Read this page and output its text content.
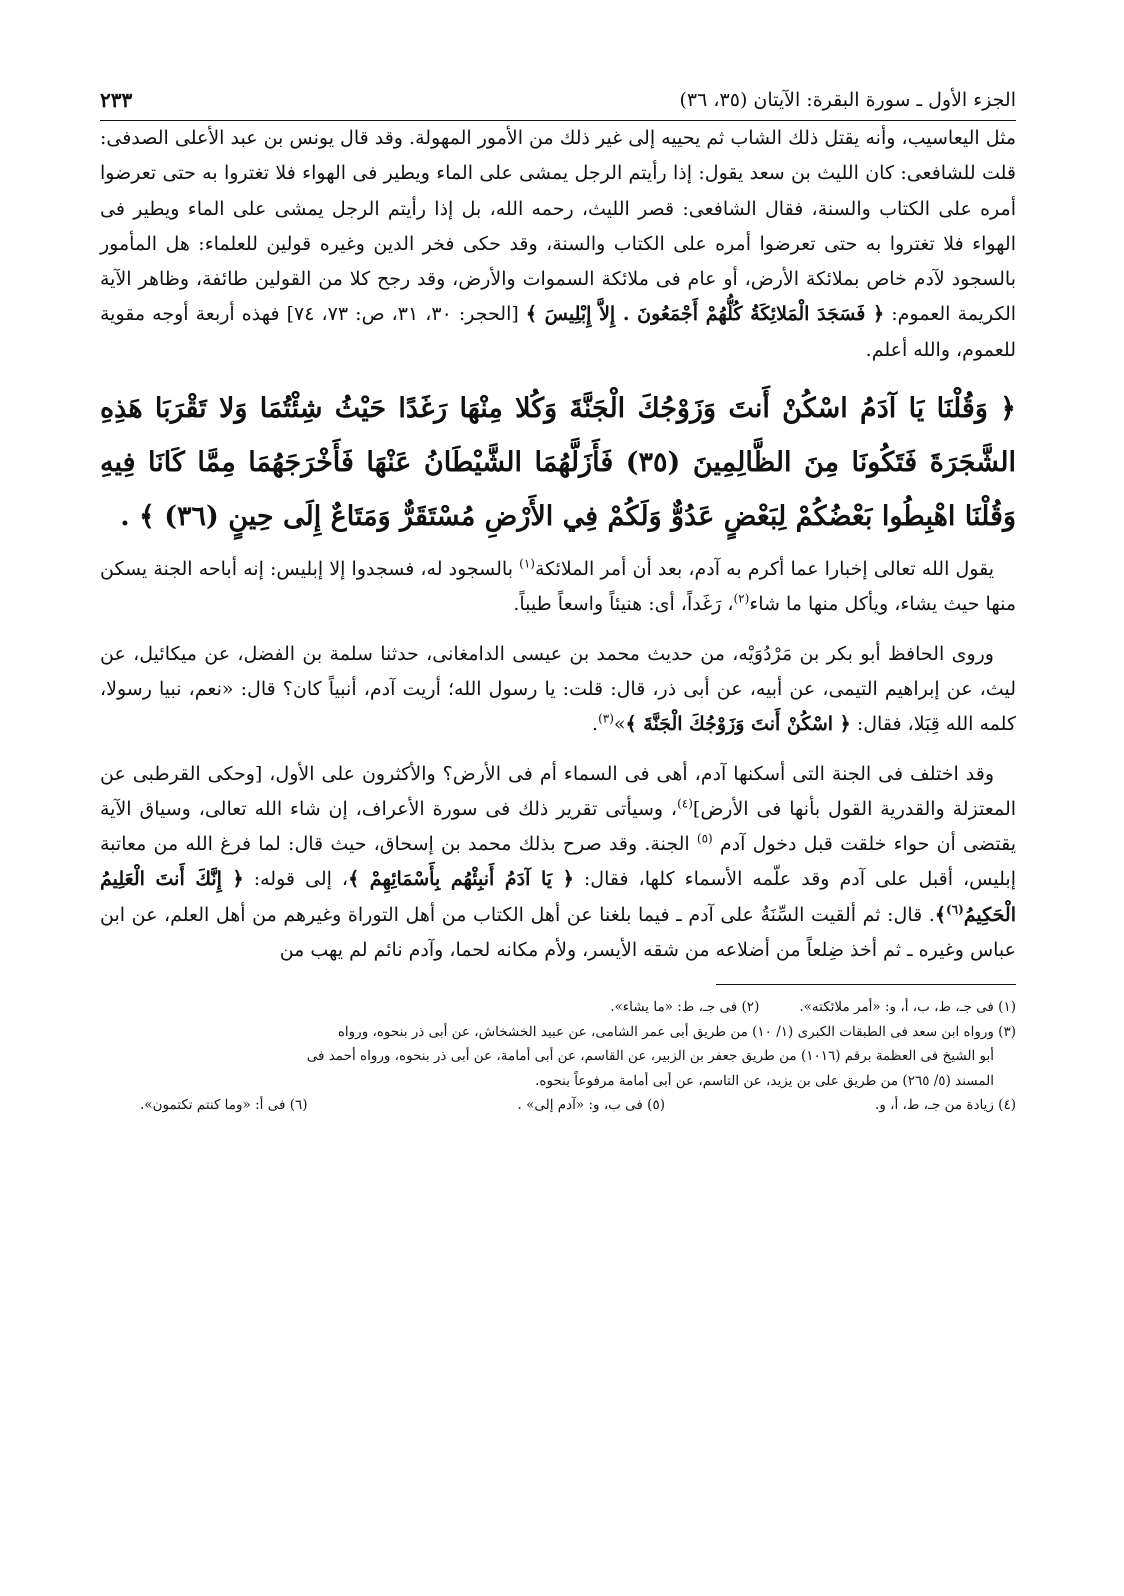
الجزء الأول ـ سورة البقرة: الآيتان (٣٥، ٣٦)
٢٣٣

مثل اليعاسيب، وأنه يقتل ذلك الشاب ثم يحييه إلى غير ذلك من الأمور المهولة. وقد قال يونس بن عبد الأعلى الصدفى: قلت للشافعى: كان الليث بن سعد يقول: إذا رأيتم الرجل يمشى على الماء ويطير فى الهواء فلا تغتروا به حتى تعرضوا أمره على الكتاب والسنة، فقال الشافعى: قصر الليث، رحمه الله، بل إذا رأيتم الرجل يمشى على الماء ويطير فى الهواء فلا تغتروا به حتى تعرضوا أمره على الكتاب والسنة، وقد حكى فخر الدين وغيره قولين للعلماء: هل المأمور بالسجود لآدم خاص بملائكة الأرض، أو عام فى ملائكة السموات والأرض، وقد رجح كلا من القولين طائفة، وظاهر الآية الكريمة العموم: ﴿ فَسَجَدَ الْمَلائِكَةُ كُلُّهُمْ أَجْمَعُونَ . إِلاَّ إِبْلِيسَ ﴾ [الحجر: ٣٠، ٣١، ص: ٧٣، ٧٤] فهذه أربعة أوجه مقوية للعموم، والله أعلم.

﴿ وَقُلْنَا يَا آدَمُ اسْكُنْ أَنتَ وَزَوْجُكَ الْجَنَّةَ وَكُلا مِنْهَا رَغَدًا حَيْثُ شِئْتُمَا وَلا تَقْرَبَا هَذِهِ الشَّجَرَةَ فَتَكُونَا مِنَ الظَّالِمِينَ (٣٥) فَأَزَلَّهُمَا الشَّيْطَانُ عَنْهَا فَأَخْرَجَهُمَا مِمَّا كَانَا فِيهِ وَقُلْنَا اهْبِطُوا بَعْضُكُمْ لِبَعْضٍ عَدُوٌّ وَلَكُمْ فِي الأَرْضِ مُسْتَقَرٌّ وَمَتَاعٌ إِلَى حِينٍ (٣٦) ﴾ .

يقول الله تعالى إخبارا عما أكرم به آدم، بعد أن أمر الملائكة$^{(١)}$ بالسجود له، فسجدوا إلا إبليس: إنه أباحه الجنة يسكن منها حيث يشاء، ويأكل منها ما شاء$^{(٢)}$، رَغَداً، أى: هنيئاً واسعاً طيباً.

وروى الحافظ أبو بكر بن مَرْدُوَيْه، من حديث محمد بن عيسى الدامغانى، حدثنا سلمة بن الفضل، عن ميكائيل، عن ليث، عن إبراهيم التيمى، عن أبيه، عن أبى ذر، قال: قلت: يا رسول الله؛ أريت آدم، أنبياً كان؟ قال: «نعم، نبيا رسولا، كلمه الله قِبَلا، فقال: ﴿ اسْكُنْ أَنتَ وَزَوْجُكَ الْجَنَّةَ ﴾»$^{(٣)}$.

وقد اختلف فى الجنة التى أسكنها آدم، أهى فى السماء أم فى الأرض؟ والأكثرون على الأول، [وحكى القرطبى عن المعتزلة والقدرية القول بأنها فى الأرض]$^{(٤)}$، وسيأتى تقرير ذلك فى سورة الأعراف، إن شاء الله تعالى، وسياق الآية يقتضى أن حواء خلقت قبل دخول آدم $^{(٥)}$ الجنة. وقد صرح بذلك محمد بن إسحاق، حيث قال: لما فرغ الله من معاتبة إبليس، أقبل على آدم وقد علّمه الأسماء كلها، فقال: ﴿ يَا آدَمُ أَنبِئْهُم بِأَسْمَائِهِمْ ﴾، إلى قوله: ﴿ إِنَّكَ أَنتَ الْعَلِيمُ الْحَكِيمُ$^{(٦)}$﴾. قال: ثم ألقيت السِّنَةُ على آدم ـ فيما بلغنا عن أهل الكتاب من أهل التوراة وغيرهم من أهل العلم، عن ابن عباس وغيره ـ ثم أخذ ضِلعاً من أضلاعه من شقه الأيسر، ولأم مكانه لحما، وآدم نائم لم يهب من

(١) فى جـ، ط، ب، أ، و: «أمر ملائكته».
(٢) فى جـ، ط: «ما يشاء».
(٣) ورواه ابن سعد فى الطبقات الكبرى (١/ ١٠) من طريق أبى عمر الشامى، عن عبيد الخشخاش، عن أبى ذر بنحوه، ورواه
أبو الشيخ فى العظمة برقم (١٠١٦) من طريق جعفر بن الزبير، عن القاسم، عن أبى أمامة، عن أبى ذر بنحوه، ورواه أحمد فى
المسند (٥/ ٢٦٥) من طريق على بن يزيد، عن التاسم، عن أبى أمامة مرفوعاً بنحوه.
(٤) زيادة من جـ، ط، أ، و.
(٥) فى ب، و: «آدم إلى» .
(٦) فى أ: «وما كنتم تكتمون».
